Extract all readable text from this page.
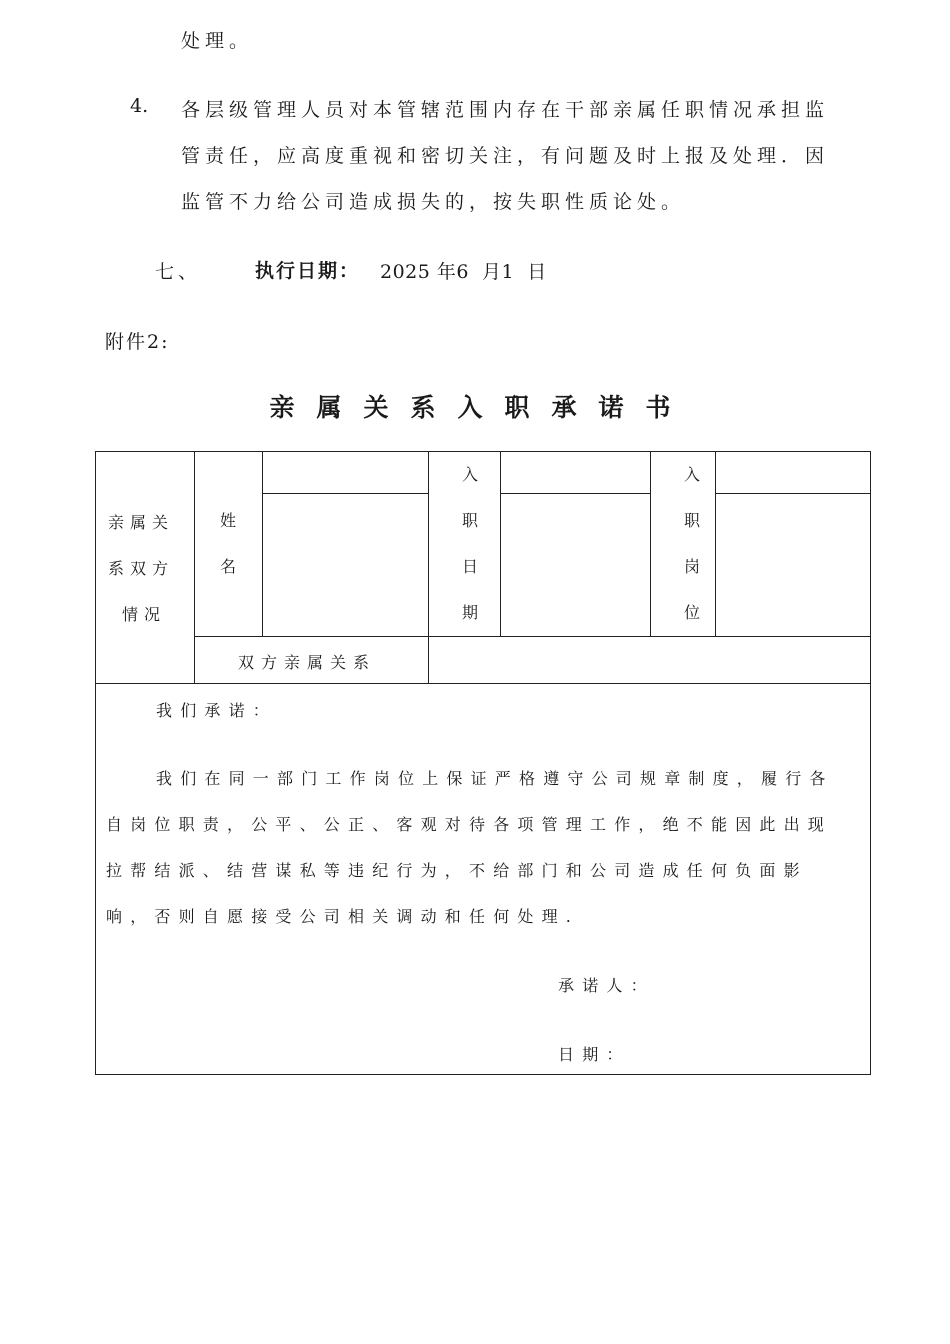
处理。
4. 各层级管理人员对本管辖范围内存在干部亲属任职情况承担监
管责任，应高度重视和密切关注，有问题及时上报及处理．因
监管不力给公司造成损失的，按失职性质论处。
七、	执行日期： 2025 年6  月1  日
附件2:
亲属关系入职承诺书
亲属关
系双方
情况
姓
名
入
职
日
期
入
职
岗
位
双方亲属关系
我们承诺：
我们在同一部门工作岗位上保证严格遵守公司规章制度，履行各
自岗位职责，公平、公正、客观对待各项管理工作，绝不能因此出现
拉帮结派、结营谋私等违纪行为，不给部门和公司造成任何负面影
响，否则自愿接受公司相关调动和任何处理.
承诺人：
日期：
